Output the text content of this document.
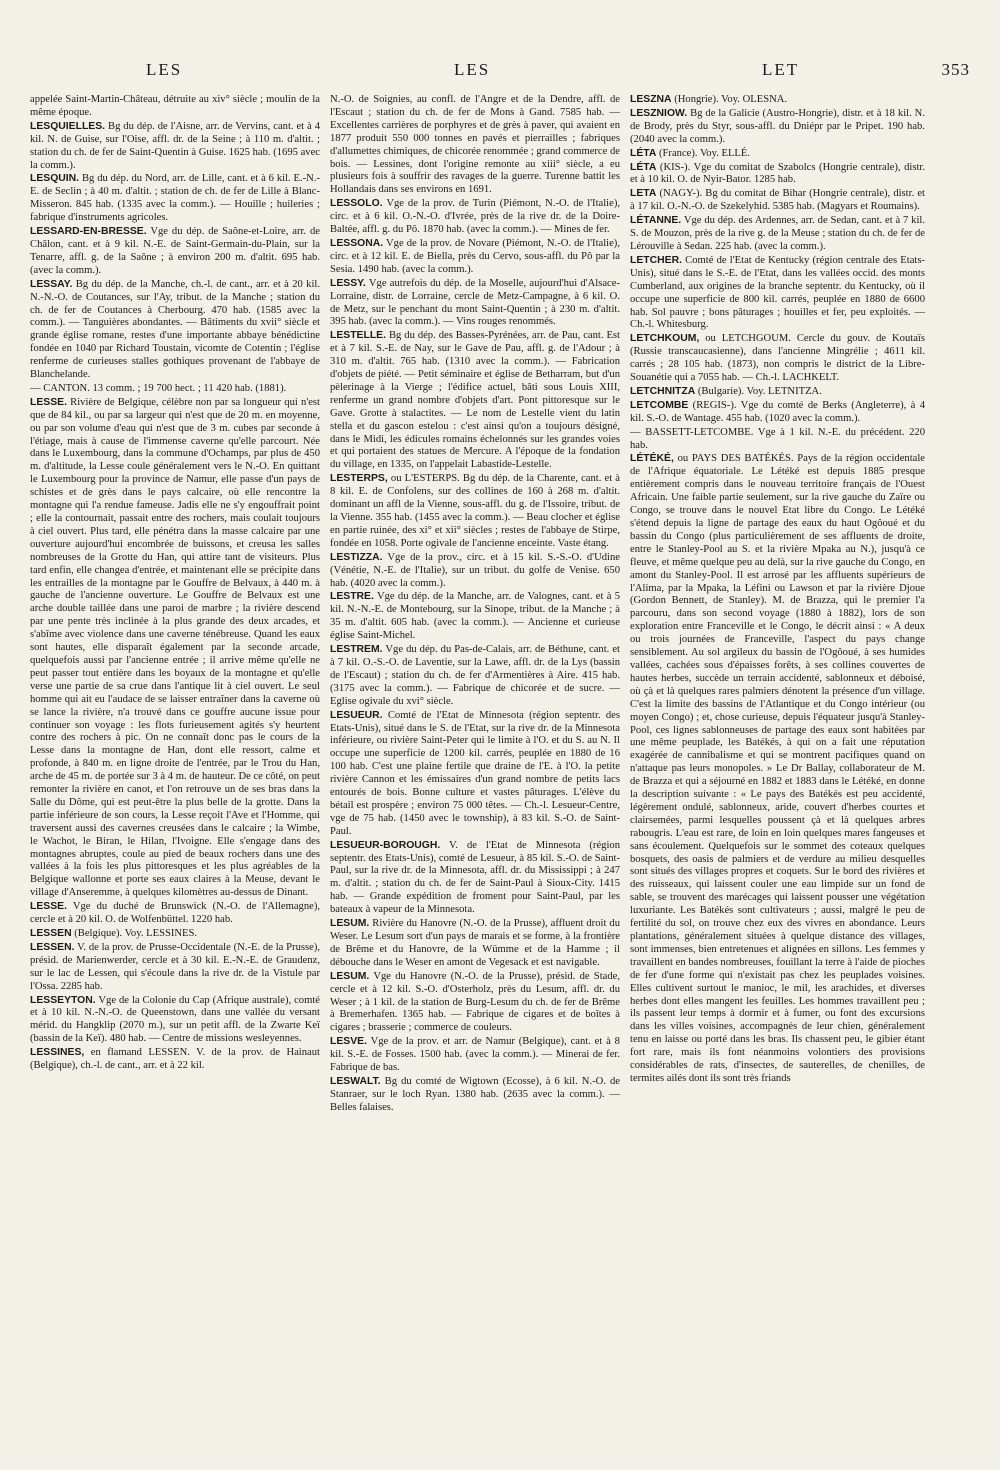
LES	LES	LET	353

appelée Saint-Martin-Château, détruite au xiv° siècle ; moulin de la même époque.

LESQUIELLES. Bg du dép. de l'Aisne, arr. de Vervins, cant. et à 4 kil. N. de Guise, sur l'Oise, affl. dr. de la Seine ; à 110 m. d'altit. ; station du ch. de fer de Saint-Quentin à Guise. 1625 hab. (1695 avec la comm.).

LESQUIN. Bg du dép. du Nord, arr. de Lille, cant. et à 6 kil. E.-N.-E. de Seclin ; à 40 m. d'altit. ; station de ch. de fer de Lille à Blanc-Misseron. 845 hab. (1335 avec la comm.). — Houille ; huileries ; fabrique d'instruments agricoles.

LESSARD-EN-BRESSE. Vge du dép. de Saône-et-Loire, arr. de Châlon, cant. et à 9 kil. N.-E. de Saint-Germain-du-Plain, sur la Tenarre, affl. g. de la Saône ; à environ 200 m. d'altit. 695 hab. (avec la comm.).

LESSAY. Bg du dép. de la Manche, ch.-l. de cant., arr. et à 20 kil. N.-N.-O. de Coutances, sur l'Ay, tribut. de la Manche ; station du ch. de fer de Coutances à Cherbourg. 470 hab. (1585 avec la comm.). — Tanguières abondantes. — Bâtiments du xvii° siècle et grande église romane, restes d'une importante abbaye bénédictine fondée en 1040 par Richard Toustain, vicomte de Cotentin ; l'église renferme de curieuses stalles gothiques provenant de l'abbaye de Blanchelande.

— CANTON. 13 comm. ; 19 700 hect. ; 11 420 hab. (1881).

LESSE. Rivière de Belgique, célèbre non par sa longueur qui n'est que de 84 kil., ou par sa largeur qui n'est que de 20 m. en moyenne, ou par son volume d'eau qui n'est que de 3 m. cubes par seconde à l'étiage, mais à cause de l'immense caverne qu'elle parcourt. Née dans le Luxembourg, dans la commune d'Ochamps, par plus de 450 m. d'altitude, la Lesse coule généralement vers le N.-O. En quittant le Luxembourg pour la province de Namur, elle passe d'un pays de schistes et de grès dans le pays calcaire, où elle rencontre la montagne qui l'a rendue fameuse. Jadis elle ne s'y engouffrait point ; elle la contournait, passait entre des rochers, mais coulait toujours à ciel ouvert. Plus tard, elle pénétra dans la masse calcaire par une ouverture aujourd'hui encombrée de buissons, et creusa les salles nombreuses de la Grotte du Han, qui attire tant de visiteurs. Plus tard enfin, elle changea d'entrée, et maintenant elle se précipite dans les entrailles de la montagne par le Gouffre de Belvaux, à 440 m. à gauche de l'ancienne ouverture. Le Gouffre de Belvaux est une arche double taillée dans une paroi de marbre ; la rivière descend par une pente très inclinée à la plus grande des deux arcades, et s'abîme avec violence dans une caverne ténébreuse. Quand les eaux sont hautes, elle disparaît également par la seconde arcade, quelquefois aussi par l'ancienne entrée ; il arrive même qu'elle ne peut passer tout entière dans les boyaux de la montagne et qu'elle verse une partie de sa crue dans l'antique lit à ciel ouvert. Le seul homme qui ait eu l'audace de se laisser entraîner dans la caverne où se lance la rivière, n'a trouvé dans ce gouffre aucune issue pour continuer son voyage : les flots furieusement agités s'y heurtent contre des rochers à pic. On ne connaît donc pas le cours de la Lesse dans la montagne de Han, dont elle ressort, calme et profonde, à 840 m. en ligne droite de l'entrée, par le Trou du Han, arche de 45 m. de portée sur 3 à 4 m. de hauteur. De ce côté, on peut remonter la rivière en canot, et l'on retrouve un de ses bras dans la Salle du Dôme, qui est peut-être la plus belle de la grotte. Dans la partie inférieure de son cours, la Lesse reçoit l'Ave et l'Homme, qui traversent aussi des cavernes creusées dans le calcaire ; la Wimbe, le Wachot, le Biran, le Hilan, l'Ivoigne. Elle s'engage dans des montagnes abruptes, coule au pied de beaux rochers dans une des vallées à la fois les plus pittoresques et les plus agréables de la Belgique wallonne et porte ses eaux claires à la Meuse, devant le village d'Anseremme, à quelques kilomètres au-dessus de Dinant.

LESSE. Vge du duché de Brunswick (N.-O. de l'Allemagne), cercle et à 20 kil. O. de Wolfenbüttel. 1220 hab.

LESSEN (Belgique). Voy. LESSINES.

LESSEN. V. de la prov. de Prusse-Occidentale (N.-E. de la Prusse), présid. de Marienwerder, cercle et à 30 kil. E.-N.-E. de Graudenz, sur le lac de Lessen, qui s'écoule dans la rive dr. de la Vistule par l'Ossa. 2285 hab.

LESSEYTON. Vge de la Colonie du Cap (Afrique australe), comté et à 10 kil. N.-N.-O. de Queenstown, dans une vallée du versant mérid. du Hangklip (2070 m.), sur un petit affl. de la Zwarte Keï (bassin de la Keï). 480 hab. — Centre de missions wesleyennes.

LESSINES, en flamand LESSEN. V. de la prov. de Hainaut (Belgique), ch.-l. de cant., arr. et à 22 kil.

N.-O. de Soignies, au confl. de l'Angre et de la Dendre, affl. de l'Escaut ; station du ch. de fer de Mons à Gand. 7585 hab. — Excellentes carrières de porphyres et de grès à paver, qui avaient en 1877 produit 550 000 tonnes en pavés et pierrailles ; fabriques d'allumettes chimiques, de chicorée renommée ; grand commerce de bois. — Lessines, dont l'origine remonte au xiii° siècle, a eu plusieurs fois à souffrir des ravages de la guerre. Turenne battit les Hollandais dans ses environs en 1691.

LESSOLO. Vge de la prov. de Turin (Piémont, N.-O. de l'Italie), circ. et à 6 kil. O.-N.-O. d'Ivrée, près de la rive dr. de la Doire-Baltée, affl. g. du Pô. 1870 hab. (avec la comm.). — Mines de fer.

LESSONA. Vge de la prov. de Novare (Piémont, N.-O. de l'Italie), circ. et à 12 kil. E. de Biella, près du Cervo, sous-affl. du Pô par la Sesia. 1490 hab. (avec la comm.).

LESSY. Vge autrefois du dép. de la Moselle, aujourd'hui d'Alsace-Lorraine, distr. de Lorraine, cercle de Metz-Campagne, à 6 kil. O. de Metz, sur le penchant du mont Saint-Quentin ; à 230 m. d'altit. 395 hab. (avec la comm.). — Vins rouges renommés.

LESTELLE. Bg du dép. des Basses-Pyrénées, arr. de Pau, cant. Est et à 7 kil. S.-E. de Nay, sur le Gave de Pau, affl. g. de l'Adour ; à 310 m. d'altit. 765 hab. (1310 avec la comm.). — Fabrication d'objets de piété. — Petit séminaire et église de Betharram, but d'un pèlerinage à la Vierge ; l'édifice actuel, bâti sous Louis XIII, renferme un grand nombre d'objets d'art. Pont pittoresque sur le Gave. Grotte à stalactites. — Le nom de Lestelle vient du latin stella et du gascon estelou : c'est ainsi qu'on a toujours désigné, dans le Midi, les édicules romains échelonnés sur les grandes voies et qui portaient des statues de Mercure. A l'époque de la fondation du village, en 1335, on l'appelait Labastide-Lestelle.

LESTERPS, ou L'ESTERPS. Bg du dép. de la Charente, cant. et à 8 kil. E. de Confolens, sur des collines de 160 à 268 m. d'altit. dominant un affl de la Vienne, sous-affl. du g. de l'Issoire, tribut. de la Vienne. 355 hab. (1455 avec la comm.). — Beau clocher et église en partie ruinée, des xi° et xii° siècles ; restes de l'abbaye de Stirpe, fondée en 1058. Porte ogivale de l'ancienne enceinte. Vaste étang.

LESTIZZA. Vge de la prov., circ. et à 15 kil. S.-S.-O. d'Udine (Vénétie, N.-E. de l'Italie), sur un tribut. du golfe de Venise. 650 hab. (4020 avec la comm.).

LESTRE. Vge du dép. de la Manche, arr. de Valognes, cant. et à 5 kil. N.-N.-E. de Montebourg, sur la Sinope, tribut. de la Manche ; à 35 m. d'altit. 605 hab. (avec la comm.). — Ancienne et curieuse église Saint-Michel.

LESTREM. Vge du dép. du Pas-de-Calais, arr. de Béthune, cant. et à 7 kil. O.-S.-O. de Laventie, sur la Lawe, affl. dr. de la Lys (bassin de l'Escaut) ; station du ch. de fer d'Armentières à Aire. 415 hab. (3175 avec la comm.). — Fabrique de chicorée et de sucre. — Eglise ogivale du xvi° siècle.

LESUEUR. Comté de l'Etat de Minnesota (région septentr. des Etats-Unis), situé dans le S. de l'Etat, sur la rive dr. de la Minnesota inférieure, ou rivière Saint-Peter qui le limite à l'O. et du S. au N. Il occupe une superficie de 1200 kil. carrés, peuplée en 1880 de 16 100 hab. C'est une plaine fertile que draine de l'E. à l'O. la petite rivière Cannon et les émissaires d'un grand nombre de petits lacs entourés de bois. Bonne culture et vastes pâturages. L'élève du bétail est prospère ; environ 75 000 têtes. — Ch.-l. Lesueur-Centre, vge de 75 hab. (1450 avec le township), à 83 kil. S.-O. de Saint-Paul.

LESUEUR-BOROUGH. V. de l'Etat de Minnesota (région septentr. des Etats-Unis), comté de Lesueur, à 85 kil. S.-O. de Saint-Paul, sur la rive dr. de la Minnesota, affl. dr. du Mississippi ; à 247 m. d'altit. ; station du ch. de fer de Saint-Paul à Sioux-City. 1415 hab. — Grande expédition de froment pour Saint-Paul, par les bateaux à vapeur de la Minnesota.

LESUM. Rivière du Hanovre (N.-O. de la Prusse), affluent droit du Weser. Le Lesum sort d'un pays de marais et se forme, à la frontière de Brême et du Hanovre, de la Wümme et de la Hamme ; il débouche dans le Weser en amont de Vegesack et est navigable.

LESUM. Vge du Hanovre (N.-O. de la Prusse), présid. de Stade, cercle et à 12 kil. S.-O. d'Osterholz, près du Lesum, affl. dr. du Weser ; à 1 kil. de la station de Burg-Lesum du ch. de fer de Brême à Bremerhafen. 1365 hab. — Fabrique de cigares et de boîtes à cigares ; brasserie ; commerce de couleurs.

LESVE. Vge de la prov. et arr. de Namur (Belgique), cant. et à 8 kil. S.-E. de Fosses. 1500 hab. (avec la comm.). — Minerai de fer. Fabrique de bas.

LESWALT. Bg du comté de Wigtown (Ecosse), à 6 kil. N.-O. de Stanraer, sur le loch Ryan. 1380 hab. (2635 avec la comm.). — Belles falaises.

LESZNA (Hongrie). Voy. OLESNA.

LESZNIOW. Bg de la Galicie (Austro-Hongrie), distr. et à 18 kil. N. de Brody, près du Styr, sous-affl. du Dniépr par le Pripet. 190 hab. (2040 avec la comm.).

LÉTA (France). Voy. ELLÉ.

LÉTA (KIS-). Vge du comitat de Szabolcs (Hongrie centrale), distr. et à 10 kil. O. de Nyir-Bator. 1285 hab.

LETA (NAGY-). Bg du comitat de Bihar (Hongrie centrale), distr. et à 17 kil. O.-N.-O. de Szekelyhid. 5385 hab. (Magyars et Roumains).

LÉTANNE. Vge du dép. des Ardennes, arr. de Sedan, cant. et à 7 kil. S. de Mouzon, près de la rive g. de la Meuse ; station du ch. de fer de Lérouville à Sedan. 225 hab. (avec la comm.).

LETCHER. Comté de l'Etat de Kentucky (région centrale des Etats-Unis), situé dans le S.-E. de l'Etat, dans les vallées occid. des monts Cumberland, aux origines de la branche septentr. du Kentucky, où il occupe une superficie de 800 kil. carrés, peuplée en 1880 de 6600 hab. Sol pauvre ; bons pâturages ; houilles et fer, peu exploités. — Ch.-l. Whitesburg.

LETCHKOUM, ou LETCHGOUM. Cercle du gouv. de Koutaïs (Russie transcaucasienne), dans l'ancienne Mingrélie ; 4611 kil. carrés ; 28 105 hab. (1873), non compris le district de la Libre-Souanétie qui a 7055 hab. — Ch.-l. LACHKELT.

LETCHNITZA (Bulgarie). Voy. LETNITZA.

LETCOMBE (REGIS-). Vge du comté de Berks (Angleterre), à 4 kil. S.-O. de Wantage. 455 hab. (1020 avec la comm.).

— BASSETT-LETCOMBE. Vge à 1 kil. N.-E. du précédent. 220 hab.

LÉTÉKÉ, ou PAYS DES BATÉKÉS. Pays de la région occidentale de l'Afrique équatoriale. Le Létéké est depuis 1885 presque entièrement compris dans le nouveau territoire français de l'Ouest Africain. Une faible partie seulement, sur la rive gauche du Zaïre ou Congo, se trouve dans le nouvel Etat libre du Congo. Le Létéké s'étend depuis la ligne de partage des eaux du haut Ogôoué et du bassin du Congo (plus particulièrement de ses affluents de droite, entre le Stanley-Pool au S. et la rivière Mpaka au N.), jusqu'à ce fleuve, et même quelque peu au delà, sur la rive gauche du Congo, en amont du Stanley-Pool. Il est arrosé par les affluents supérieurs de l'Alima, par la Mpaka, la Léfini ou Lawson et par la rivière Djoue (Gordon Bennett, de Stanley). M. de Brazza, qui le premier l'a parcouru, dans son second voyage (1880 à 1882), lors de son exploration entre Franceville et le Congo, le décrit ainsi : « A deux ou trois journées de Franceville, l'aspect du pays change sensiblement. Au sol argileux du bassin de l'Ogôoué, à ses humides vallées, cachées sous d'épaisses forêts, à ses collines couvertes de hautes herbes, succède un terrain accidenté, sablonneux et déboisé, où çà et là quelques rares palmiers dénotent la présence d'un village. C'est la limite des bassins de l'Atlantique et du Congo intérieur (ou moyen Congo) ; et, chose curieuse, depuis l'équateur jusqu'à Stanley-Pool, ces lignes sablonneuses de partage des eaux sont habitées par une même peuplade, les Batékés, à qui on a fait une réputation exagérée de cannibalisme et qui se montrent pacifiques quand on n'attaque pas leurs monopoles. » Le Dr Ballay, collaborateur de M. de Brazza et qui a séjourné en 1882 et 1883 dans le Létéké, en donne la description suivante : « Le pays des Batékés est peu accidenté, légèrement ondulé, sablonneux, aride, couvert d'herbes courtes et clairsemées, parmi lesquelles poussent çà et là quelques arbres rabougris. L'eau est rare, de loin en loin quelques mares fangeuses et sans écoulement. Quelquefois sur le sommet des coteaux quelques bosquets, des oasis de palmiers et de verdure au milieu desquelles sont situés des villages propres et coquets. Sur le bord des rivières et des ruisseaux, qui laissent couler une eau limpide sur un fond de sable, se trouvent des marécages qui laissent pousser une végétation luxuriante. Les Batékés sont cultivateurs ; aussi, malgré le peu de fertilité du sol, on trouve chez eux des vivres en abondance. Leurs plantations, généralement situées à quelque distance des villages, sont immenses, bien entretenues et alignées en sillons. Les femmes y travaillent en bandes nombreuses, fouillant la terre à l'aide de pioches de fer d'une forme qui n'existait pas chez les peuplades voisines. Elles cultivent surtout le manioc, le mil, les arachides, et diverses herbes dont elles mangent les feuilles. Les hommes travaillent peu ; ils passent leur temps à dormir et à fumer, ou font des excursions dans les villes voisines, accompagnés de leur chien, généralement tenu en laisse ou porté dans les bras. Ils chassent peu, le gibier étant fort rare, mais ils font néanmoins volontiers des provisions considérables de rats, d'insectes, de sauterelles, de chenilles, de termites ailés dont ils sont très friands
